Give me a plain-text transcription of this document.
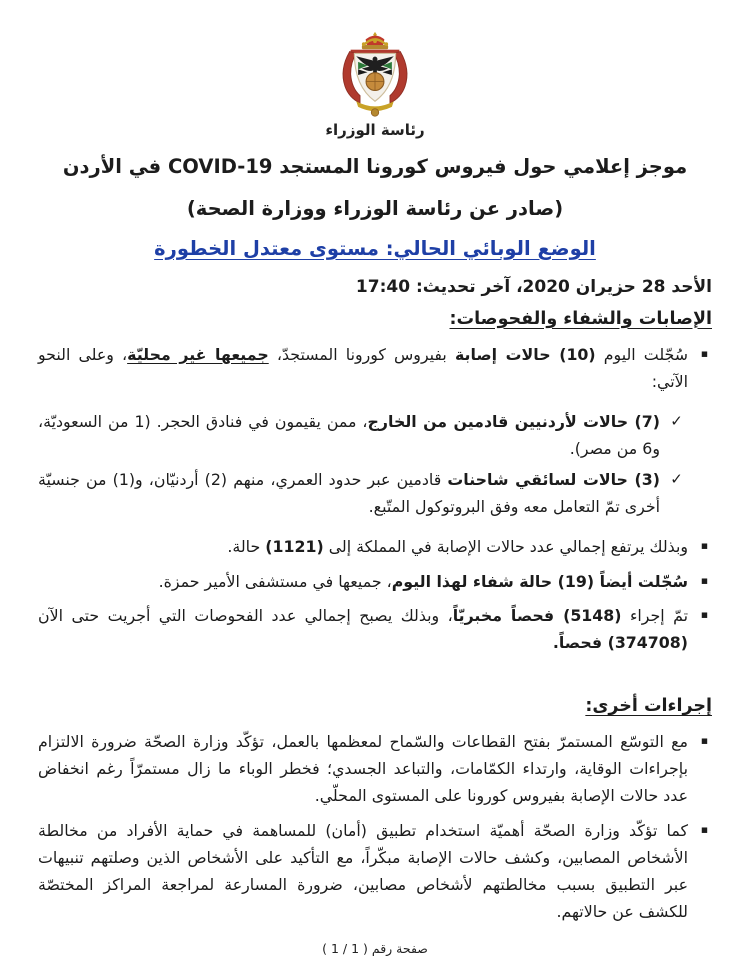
رئاسة الوزراء
موجز إعلامي حول فيروس كورونا المستجد COVID-19 في الأردن
(صادر عن رئاسة الوزراء ووزارة الصحة)
الوضع الوبائي الحالي: مستوى معتدل الخطورة
الأحد 28 حزيران 2020، آخر تحديث: 17:40
الإصابات والشفاء والفحوصات:
▪
سُجّلت اليوم (10) حالات إصابة بفيروس كورونا المستجدّ، جميعها غير محليّة، وعلى النحو الآتي:
✓
(7) حالات لأردنيين قادمين من الخارج، ممن يقيمون في فنادق الحجر. (1 من السعوديّة، و6 من مصر).
✓
(3) حالات لسائقي شاحنات قادمين عبر حدود العمري، منهم (2) أردنيّان، و(1) من جنسيّة أخرى تمّ التعامل معه وفق البروتوكول المتّبع.
▪
وبذلك يرتفع إجمالي عدد حالات الإصابة في المملكة إلى (1121) حالة.
▪
سُجّلت أيضاً (19) حالة شفاء لهذا اليوم، جميعها في مستشفى الأمير حمزة.
▪
تمّ إجراء (5148) فحصاً مخبريّاً، وبذلك يصبح إجمالي عدد الفحوصات التي أجريت حتى الآن (374708) فحصاً.
إجراءات أخرى:
▪
مع التوسّع المستمرّ بفتح القطاعات والسّماح لمعظمها بالعمل، تؤكّد وزارة الصحّة ضرورة الالتزام بإجراءات الوقاية، وارتداء الكمّامات، والتباعد الجسدي؛ فخطر الوباء ما زال مستمرّاً رغم انخفاض عدد حالات الإصابة بفيروس كورونا على المستوى المحلّي.
▪
كما تؤكّد وزارة الصحّة أهميّة استخدام تطبيق (أمان) للمساهمة في حماية الأفراد من مخالطة الأشخاص المصابين، وكشف حالات الإصابة مبكّراً، مع التأكيد على الأشخاص الذين وصلتهم تنبيهات عبر التطبيق بسبب مخالطتهم لأشخاص مصابين، ضرورة المسارعة لمراجعة المراكز المختصّة للكشف عن حالاتهم.
صفحة رقم ( 1 / 1 )
